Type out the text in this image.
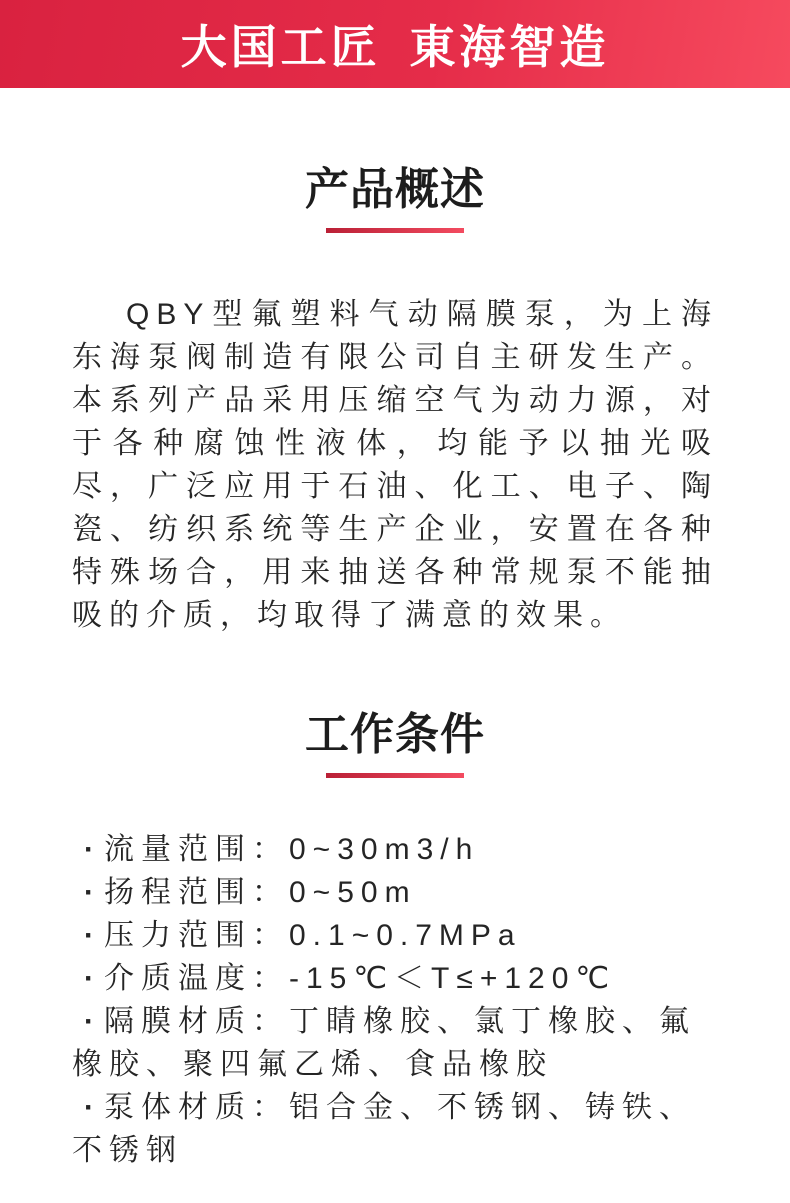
大国工匠 東海智造
产品概述

QBY型氟塑料气动隔膜泵，为上海东海泵阀制造有限公司自主研发生产。本系列产品采用压缩空气为动力源，对于各种腐蚀性液体，均能予以抽光吸尽，广泛应用于石油、化工、电子、陶瓷、纺织系统等生产企业，安置在各种特殊场合，用来抽送各种常规泵不能抽吸的介质，均取得了满意的效果。

工作条件
· 流量范围：0~30m3/h
· 扬程范围：0~50m
· 压力范围：0.1~0.7MPa
· 介质温度：-15℃＜T≤+120℃
· 隔膜材质：丁睛橡胶、氯丁橡胶、氟橡胶、聚四氟乙烯、食品橡胶
· 泵体材质：铝合金、不锈钢、铸铁、不锈钢
